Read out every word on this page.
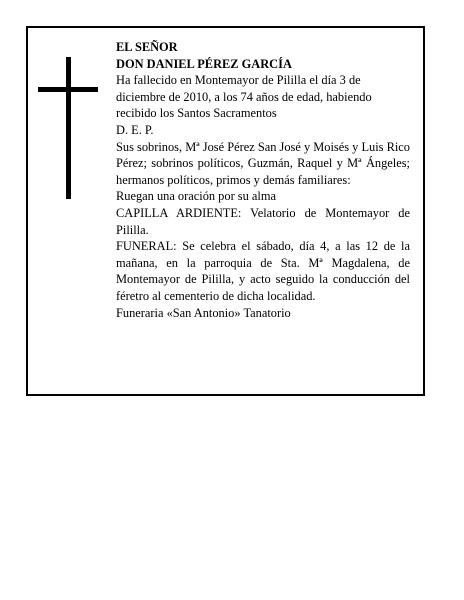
EL SEÑOR

DON DANIEL PÉREZ GARCÍA

Ha fallecido en Montemayor de Pililla el día 3 de diciembre de 2010, a los 74 años de edad, habiendo recibido los Santos Sacramentos

D. E. P.

Sus sobrinos, Mª José Pérez San José y Moisés y Luis Rico Pérez; sobrinos políticos, Guzmán, Raquel y Mª Ángeles; hermanos políticos, primos y demás familiares:

Ruegan una oración por su alma

CAPILLA ARDIENTE: Velatorio de Montemayor de Pililla.

FUNERAL: Se celebra el sábado, día 4, a las 12 de la mañana, en la parroquia de Sta. Mª Magdalena, de Montemayor de Pililla, y acto seguido la conducción del féretro al cementerio de dicha localidad.

Funeraria «San Antonio» Tanatorio
